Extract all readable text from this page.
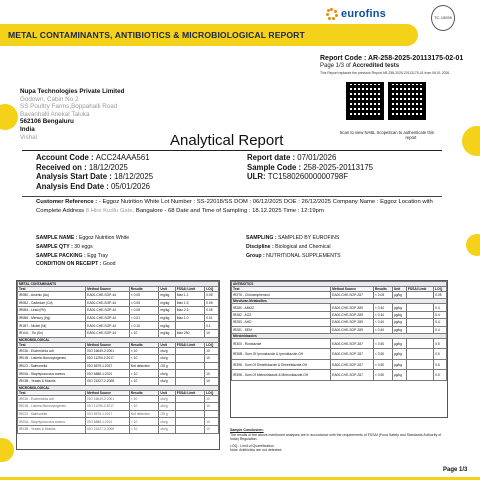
eurofins	TC-15939
METAL CONTAMINANTS, ANTIBIOTICS & MICROBIOLOGICAL REPORT
Report Code : AR-258-2025-20113175-02-01
Page 1/3 of Accredited tests
This Report replaces the previous Report AR-258-2025-20113175-01 from 06.01.2026
Scan to view NABL Scope Scan to authenticate this report
Nupa Technologies Private Limited
Godown, Cabin No 2
SS Poultry Farms,Boppahalli Road
Bavanhalli Anekal Taluka
562106 Bengaluru
India
Vishal	Analytical Report
Account Code : ACC24AAA561
Received on : 18/12/2025
Analysis Start Date : 18/12/2025
Analysis End Date : 05/01/2026
Report date : 07/01/2026
Sample Code : 258-2025-20113175
ULR: TC158026000000798F
Customer Reference : - Eggoz Nutrition White Lot Number : SS-22018/SS DOM : 06/12/2025 DOE : 26/12/2025 Company Name : Eggoz Location with Complete Address 8 Hire Kudlu Gate, Bangalore - 68 Date and Time of Sampling : 18.12.2025 Time : 12:19pm
SAMPLE NAME : Eggoz Nutrition White
SAMPLE QTY : 30 eggs
SAMPLE PACKING : Egg Tray
CONDITION ON RECEIPT : Good
SAMPLING : SAMPLED BY EUROFINS
Discipline : Biological and Chemical
Group : NUTRITIONAL SUPPLEMENTS
METAL CONTAMINANTS					
Test	Method Source	Results	Unit	FSSAI Limit	LOQ
IR0B0 - Arsenic (As)	EA00-CHE-SOP-44	< 0.05	mg/kg	Max 1.1	0.05
IR0B2 - Cadmium (Cd)	EA00-CHE-SOP-44	< 0.05	mg/kg	Max 1.5	0.05
IR0B4 - Lead (Pb)	EA00-CHE-SOP-44	< 0.05	mg/kg	Max 2.5	0.05
IR0B6 - Mercury (Hg)	EA00-CHE-SOP-44	< 0.01	mg/kg	Max 1.0	0.01
IR1B7 - Nickel (Ni)	EA00-CHE-SOP-44	< 0.10	mg/kg		0.1
IR1I4L - Tin (Sn)	EA00-CHE-SOP-44	< 10	mg/kg	Max 250	10
MICROBIOLOGICAL					
Test	Method Source	Results	Unit	FSSAI Limit	LOQ
IR03A - Escherichia coli	ISO 16649-2:2001	< 10	cfu/g		10
IR01B - Listeria Monocytogenes	ISO 11290-2:2017	< 10	cfu/g		10
IR023 - Salmonella	ISO 6579-1:2017	Not detected	/25 g		
IR00A - Staphylococcus aureus	ISO 6888-1:2021	< 10	cfu/g		10
IR03B - Yeasts & Moulds	ISO 21527-2:2008	< 10	cfu/g		10
MICROBIOLOGICAL					
Test	Method Source	Results	Unit	FSSAI Limit	LOQ
IR03A - Escherichia coli	ISO 16649-2:2001	< 10	cfu/g		10
IR01B - Listeria Monocytogenes	ISO 11290-2:2017	< 10	cfu/g		10
IR023 - Salmonella	ISO 6579-1:2017	Not detected	/25 g		
IR00A - Staphylococcus aureus	ISO 6888-1:2021	< 10	cfu/g		10
IR03B - Yeasts & Moulds	ISO 21527-2:2008	< 10	cfu/g		10
ANTIBIOTICS					
Test	Method Source	Results	Unit	FSSAI Limit	LOQ
IR3T6 - Chloramphenicol	EA00-CHE-SOP-287	< 0.05	µg/kg		0.05
Nitrofuran Metabolites					
IR280 - AMOZ	EA00-CHE-SOP-289	< 0.40	µg/kg		0.4
IR282 - AOZ	EA00-CHE-SOP-289	< 0.40	µg/kg		0.4
IR283 - AHD	EA00-CHE-SOP-289	< 0.40	µg/kg		0.4
IR281 - SEM	EA00-CHE-SOP-289	< 0.40	µg/kg		0.4
Nitroimidazoles					
IR300 - Ronidazole	EA00-CHE-SOP-287	< 0.50	µg/kg		0.5
IR36B - Sum Of Ipronidazole & Ipronidazole-OH	EA00-CHE-SOP-287	< 0.50	µg/kg		0.5
IR398 - Sum Of Dimetridazole & Dimetridazole-OH	EA00-CHE-SOP-287	< 0.50	µg/kg		0.5
IR398 - Sum Of Metronidazole & Metronidazole-OH	EA00-CHE-SOP-287	< 0.50	µg/kg		0.5
Sample Conclusion:
The results of the above mentioned analyses are in accordance with the requirements of FSSAI (Food Safety and Standards Authority of India) Regulation.
LOQ : Limit of Quantification
Note: Antibiotics are not detected.
Page 1/3
